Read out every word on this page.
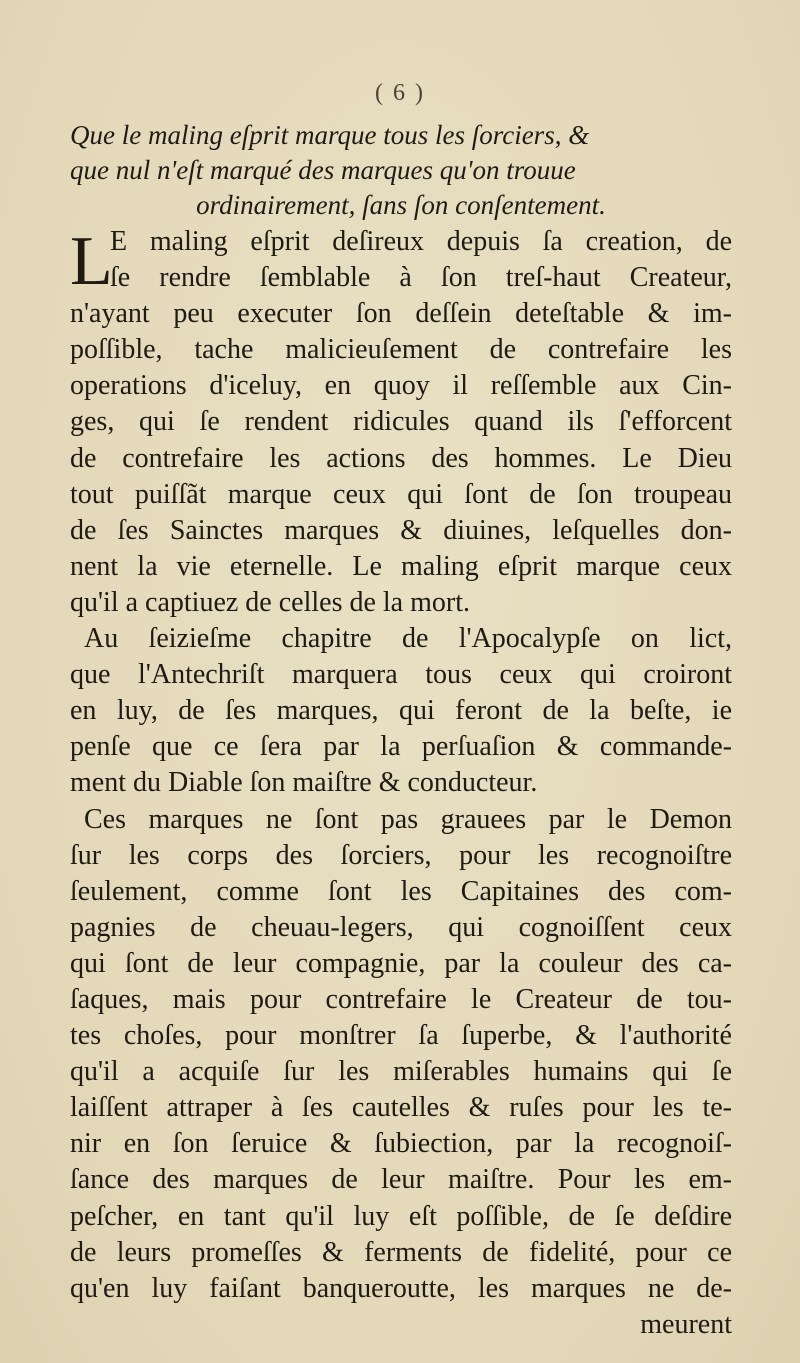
( 6 )
Que le maling eſprit marque tous les ſorciers, &
que nul n'eſt marqué des marques qu'on trouue
ordinairement, ſans ſon conſentement.
L
E maling eſprit deſireux depuis ſa creation, de
ſe rendre ſemblable à ſon treſ-haut Createur,
n'ayant peu executer ſon deſſein deteſtable & im-
poſſible, tache malicieuſement de contrefaire les
operations d'iceluy, en quoy il reſſemble aux Cin-
ges, qui ſe rendent ridicules quand ils ſ'efforcent
de contrefaire les actions des hommes. Le Dieu
tout puiſſãt marque ceux qui ſont de ſon troupeau
de ſes Sainctes marques & diuines, leſquelles don-
nent la vie eternelle. Le maling eſprit marque ceux
qu'il a captiuez de celles de la mort.
Au ſeizieſme chapitre de l'Apocalypſe on lict,
que l'Antechriſt marquera tous ceux qui croiront
en luy, de ſes marques, qui feront de la beſte, ie
penſe que ce ſera par la perſuaſion & commande-
ment du Diable ſon maiſtre & conducteur.
Ces marques ne ſont pas grauees par le Demon
ſur les corps des ſorciers, pour les recognoiſtre
ſeulement, comme ſont les Capitaines des com-
pagnies de cheuau-legers, qui cognoiſſent ceux
qui ſont de leur compagnie, par la couleur des ca-
ſaques, mais pour contrefaire le Createur de tou-
tes choſes, pour monſtrer ſa ſuperbe, & l'authorité
qu'il a acquiſe ſur les miſerables humains qui ſe
laiſſent attraper à ſes cautelles & ruſes pour les te-
nir en ſon ſeruice & ſubiection, par la recognoiſ-
ſance des marques de leur maiſtre. Pour les em-
peſcher, en tant qu'il luy eſt poſſible, de ſe deſdire
de leurs promeſſes & ferments de fidelité, pour ce
qu'en luy faiſant banqueroutte, les marques ne de-
meurent
